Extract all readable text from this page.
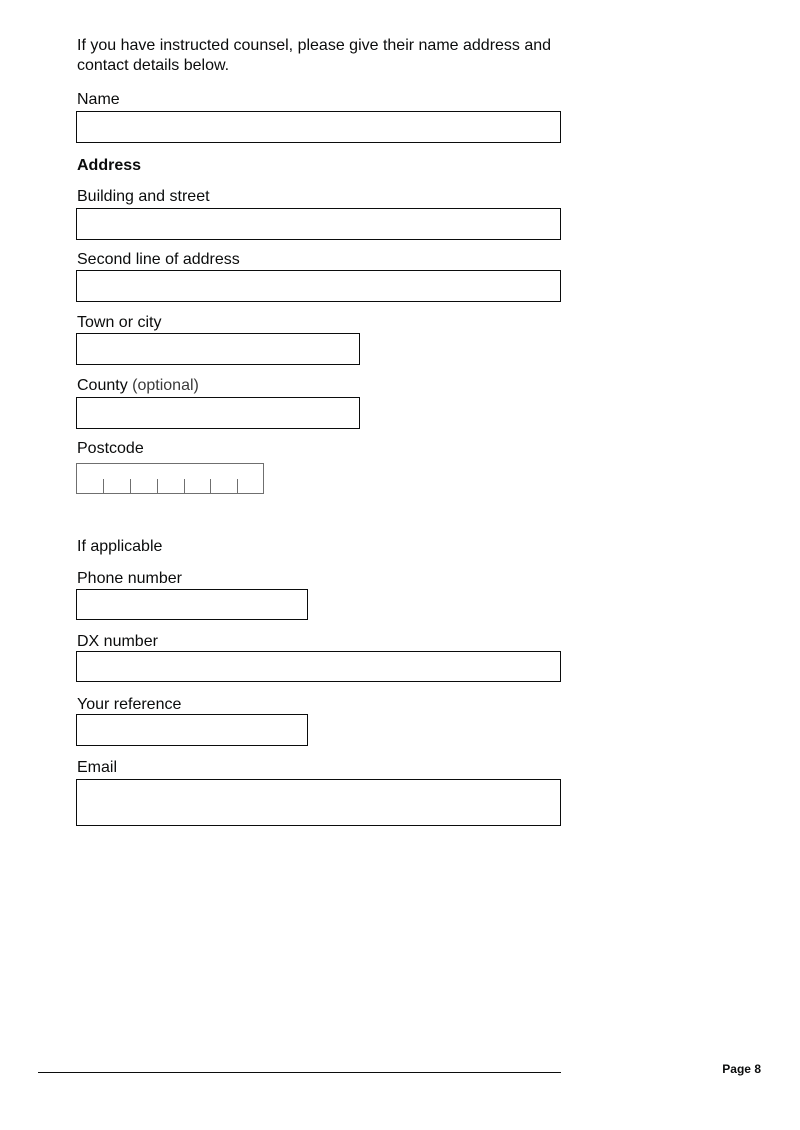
If you have instructed counsel, please give their name address and
contact details below.
Name
Address
Building and street
Second line of address
Town or city
County (optional)
Postcode
If applicable
Phone number
DX number
Your reference
Email
Page 8
